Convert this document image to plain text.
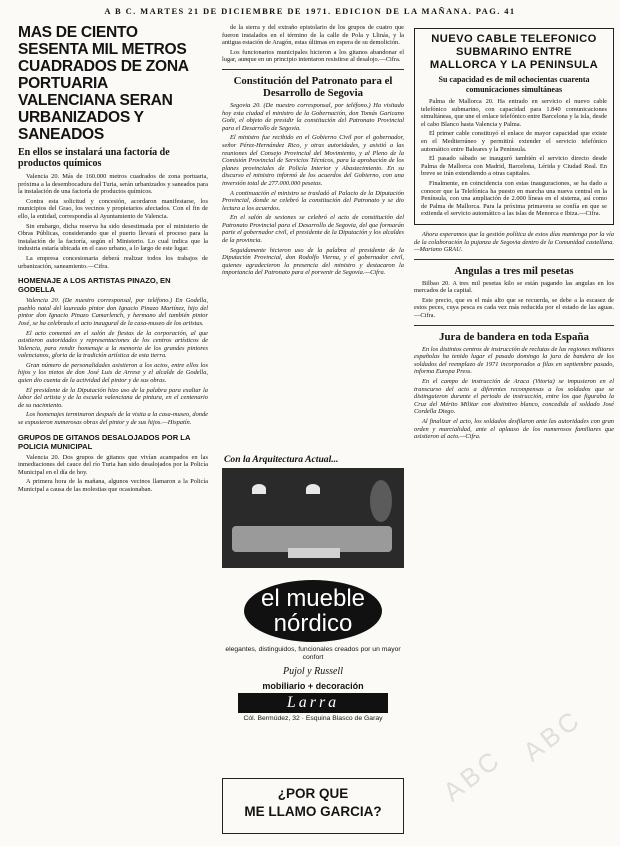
A B C. MARTES 21 DE DICIEMBRE DE 1971. EDICION DE LA MAÑANA. PAG. 41
MAS DE CIENTO SESENTA MIL METROS CUADRADOS DE ZONA PORTUARIA VALENCIANA SERAN URBANIZADOS Y SANEADOS
En ellos se instalará una factoría de productos químicos

Valencia 20. Más de 160.000 metros cuadrados de zona portuaria, próxima a la desembocadura del Turia, serán urbanizados y saneados para la instalación de una factoría de productos químicos.

Contra esta solicitud y concesión, acordaron manifestarse, los municipios del Grao, los vecinos y propietarios afectados. Con el fin de ello, la entidad, correspondía al Ayuntamiento de Valencia.

Sin embargo, dicha reserva ha sido desestimada por el ministerio de Obras Públicas, considerando que el puerto llevará el proceso para la instalación de la factoría, según el Ministerio. Lo cual indica que la industria estaría ubicada en el caso urbano, a lo largo de este lugar.

La empresa concesionaria deberá realizar todos los trabajos de urbanización, saneamiento.—Cifra.

HOMENAJE A LOS ARTISTAS PINAZO, EN GODELLA

Valencia 20. (De nuestro corresponsal, por teléfono.) En Godella, pueblo natal del laureado pintor don Ignacio Pinazo Martínez, hijo del pintor don Ignacio Pinazo Camarlench, y hermano del también pintor José, se ha celebrado el acto inaugural de la casa-museo de los artistas.

El acto comenzó en el salón de fiestas de la corporación, al que asistieron autoridades y representaciones de los centros artísticos de Valencia, para rendir homenaje a la memoria de los grandes pintores valencianos, gloria de la tradición artística de esta tierra.

Gran número de personalidades asistieron a los actos, entre ellos los hijos y los nietos de don José Luis de Arrese y el alcalde de Godella, quien dio cuenta de la actividad del pintor y de sus obras.

El presidente de la Diputación hizo uso de la palabra para exaltar la labor del artista y de la escuela valenciana de pintura, en el centenario de su nacimiento.

Los homenajes terminaron después de la visita a la casa-museo, donde se expusieron numerosas obras del pintor y de sus hijos.—Hispatín.

GRUPOS DE GITANOS DESALOJADOS POR LA POLICIA MUNICIPAL

Valencia 20. Dos grupos de gitanos que vivían acampados en las inmediaciones del cauce del río Turia han sido desalojados por la Policía Municipal en el día de hoy.

A primera hora de la mañana, algunos vecinos llamaron a la Policía Municipal a causa de las molestias que ocasionaban.

de la sierra y del extraño epistolario de los grupos de cuatro que fueron instalados en el término de la calle de Pola y Llinás, y la antigua estación de Aragón, estas últimas en espera de su demolición.

Los funcionarios municipales hicieron a los gitanos abandonar el lugar, aunque en un principio intentaron resistirse al desalojo.—Cifra.

Constitución del Patronato para el Desarrollo de Segovia

Segovia 20. (De nuestro corresponsal, por teléfono.) Ha visitado hoy esta ciudad el ministro de la Gobernación, don Tomás Garicano Goñi, el objeto de presidir la constitución del Patronato Provincial para el Desarrollo de Segovia.

El ministro fue recibido en el Gobierno Civil por el gobernador, señor Pérez-Hernández Rico, y otras autoridades, y asistió a las reuniones del Consejo Provincial del Movimiento, y al Pleno de la Comisión Provincial de Servicios Técnicos, para la aprobación de los planes provinciales de Policía Interior y Abastecimiento. En su discurso el ministro informó de los acuerdos del Gobierno, con una inversión total de 277.000.000 pesetas.

A continuación el ministro se trasladó al Palacio de la Diputación Provincial, donde se celebró la constitución del Patronato y se dio lectura a los acuerdos.

En el salón de sesiones se celebró el acto de constitución del Patronato Provincial para el Desarrollo de Segovia, del que formarán parte el gobernador civil, el presidente de la Diputación y los alcaldes de la provincia.

Seguidamente hicieron uso de la palabra el presidente de la Diputación Provincial, don Rodolfo Vierna, y el gobernador civil, quienes agradecieron la presencia del ministro y destacaron la importancia del Patronato para el porvenir de Segovia.—Cifra.

Con la Arquitectura Actual...
el mueble
nórdico
elegantes, distinguidos, funcionales creados por un mayor confort
Pujol y Russell
mobiliario + decoración
Larra
Cól. Bermúdez, 32 · Esquina Blasco de Garay
¿POR QUE
ME LLAMO GARCIA?
NUEVO CABLE TELEFONICO SUBMARINO ENTRE MALLORCA Y LA PENINSULA
Su capacidad es de mil ochocientas cuarenta comunicaciones simultáneas

Palma de Mallorca 20. Ha entrado en servicio el nuevo cable telefónico submarino, con capacidad para 1.840 comunicaciones simultáneas, que une el enlace telefónico entre Barcelona y la isla, desde el cabo Blanco hasta Valencia y Palma.

El primer cable constituyó el enlace de mayor capacidad que existe en el Mediterráneo y permitirá extender el servicio telefónico automático entre Baleares y la Península.

El pasado sábado se inauguró también el servicio directo desde Palma de Mallorca con Madrid, Barcelona, Lérida y Ciudad Real. En breve se irán extendiendo a otras capitales.

Finalmente, en coincidencia con estas inauguraciones, se ha dado a conocer que la Telefónica ha puesto en marcha una nueva central en la Península, con una ampliación de 2.000 líneas en el sistema, así como de Palma de Mallorca. Para la próxima primavera se confía en que se extienda el servicio automático a las islas de Menorca e Ibiza.—Cifra.

Ahora esperamos que la gestión política de estos días mantenga por la vía de la colaboración la pujanza de Segovia dentro de la Comunidad castellana.—Mariano GRAU.

Angulas a tres mil pesetas

Bilbao 20. A tres mil pesetas kilo se están pagando las angulas en los mercados de la capital.

Este precio, que es el más alto que se recuerda, se debe a la escasez de estos peces, cuya pesca es cada vez más reducida por el estado de las aguas.—Cifra.

Jura de bandera en toda España

En los distintos centros de instrucción de reclutas de las regiones militares españolas ha tenido lugar el pasado domingo la jura de bandera de los soldados del reemplazo de 1971 incorporados a filas en septiembre pasado, informa Europa Press.

En el campo de instrucción de Araca (Vitoria) se impusieron en el transcurso del acto a diferentes recompensas a los soldados que se distinguieron durante el periodo de instrucción, entre los que figuraba la Cruz del Mérito Militar con distintivo blanco, concedida al soldado José Cordella Diego.

Al finalizar el acto, los soldados desfilaron ante las autoridades con gran orden y marcialidad, ante el aplauso de los numerosos familiares que asistieron al acto.—Cifra.

ABC
ABC
